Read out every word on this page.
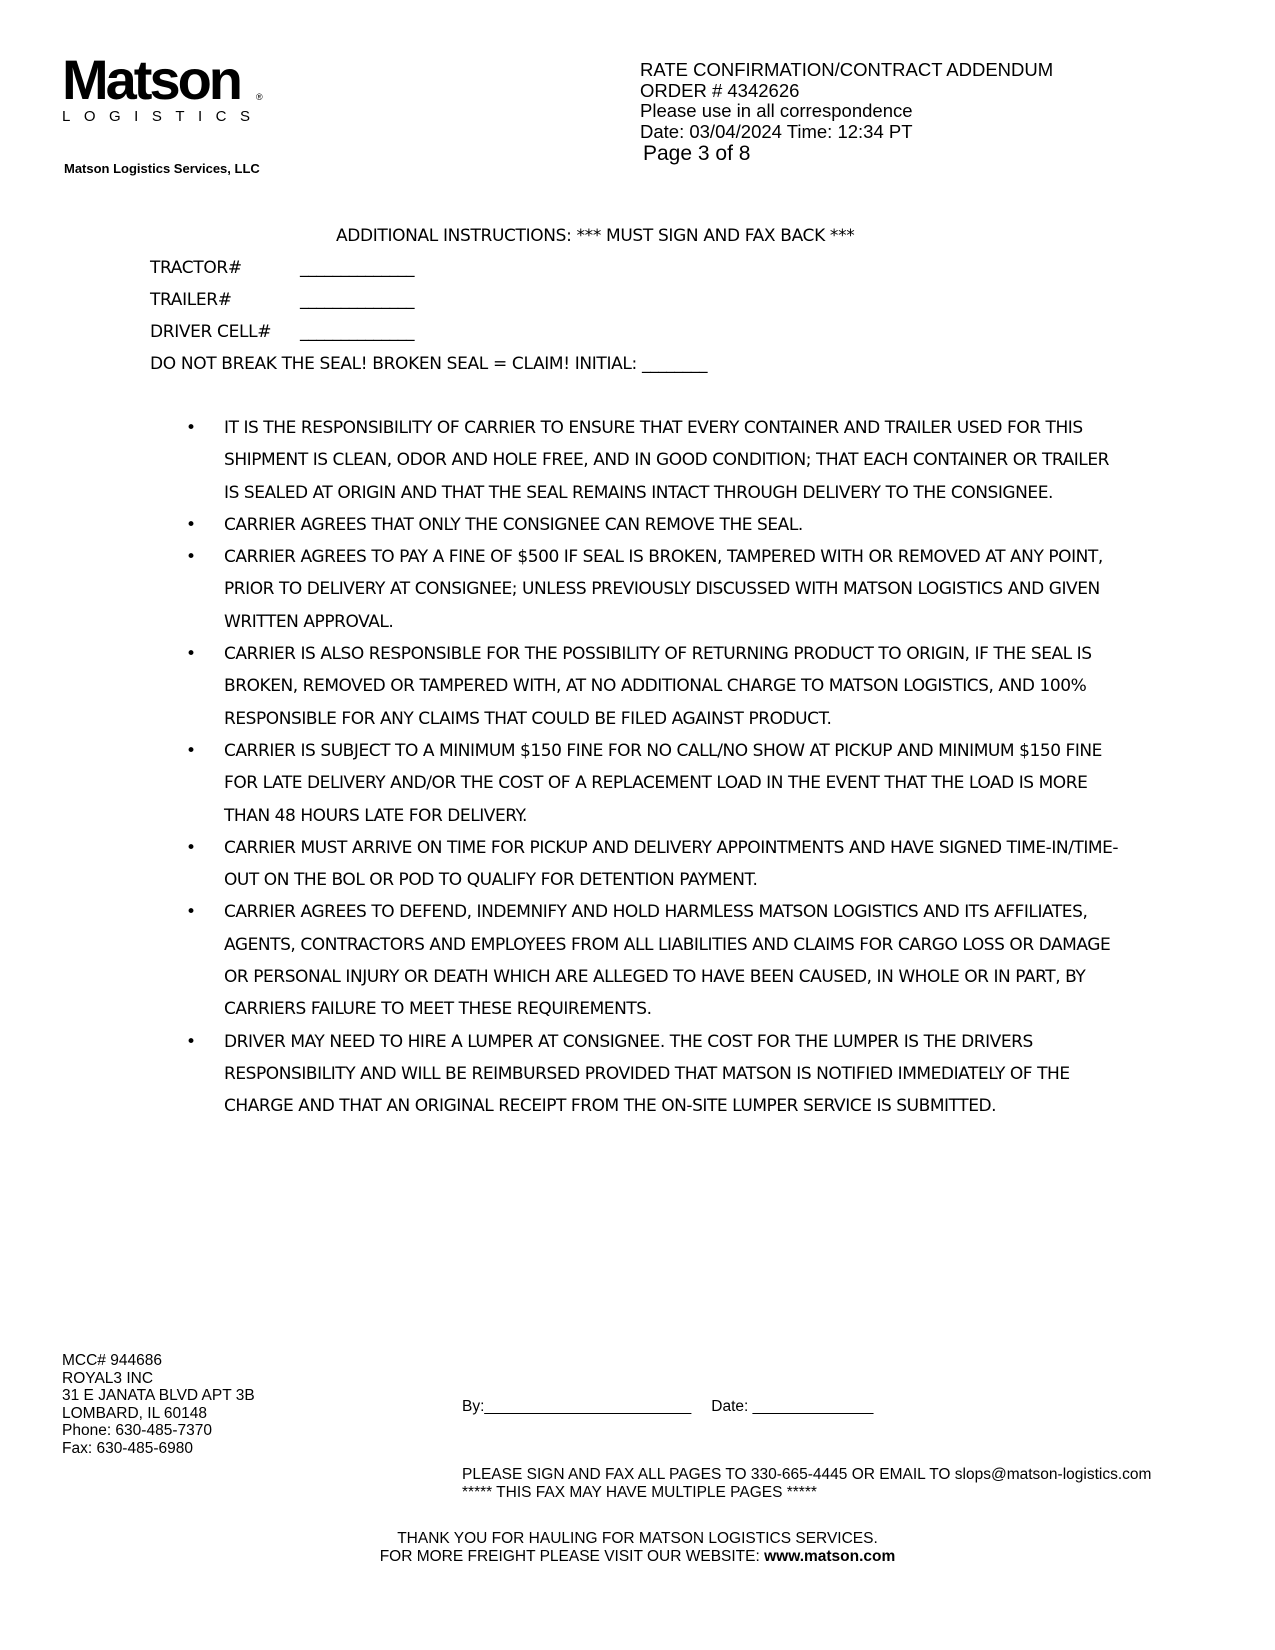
Matson	®
LOGISTICS
Matson Logistics Services, LLC
RATE CONFIRMATION/CONTRACT ADDENDUM
ORDER # 4342626
Please use in all correspondence
Date: 03/04/2024 Time: 12:34 PT
Page 3 of 8
ADDITIONAL INSTRUCTIONS: *** MUST SIGN AND FAX BACK ***
TRACTOR#	______________
TRAILER#	______________
DRIVER CELL# ______________
DO NOT BREAK THE SEAL! BROKEN SEAL = CLAIM! INITIAL: ________
• IT IS THE RESPONSIBILITY OF CARRIER TO ENSURE THAT EVERY CONTAINER AND TRAILER USED FOR THIS SHIPMENT IS CLEAN, ODOR AND HOLE FREE, AND IN GOOD CONDITION; THAT EACH CONTAINER OR TRAILER IS SEALED AT ORIGIN AND THAT THE SEAL REMAINS INTACT THROUGH DELIVERY TO THE CONSIGNEE.
• CARRIER AGREES THAT ONLY THE CONSIGNEE CAN REMOVE THE SEAL.
• CARRIER AGREES TO PAY A FINE OF $500 IF SEAL IS BROKEN, TAMPERED WITH OR REMOVED AT ANY POINT, PRIOR TO DELIVERY AT CONSIGNEE; UNLESS PREVIOUSLY DISCUSSED WITH MATSON LOGISTICS AND GIVEN WRITTEN APPROVAL.
• CARRIER IS ALSO RESPONSIBLE FOR THE POSSIBILITY OF RETURNING PRODUCT TO ORIGIN, IF THE SEAL IS BROKEN, REMOVED OR TAMPERED WITH, AT NO ADDITIONAL CHARGE TO MATSON LOGISTICS, AND 100% RESPONSIBLE FOR ANY CLAIMS THAT COULD BE FILED AGAINST PRODUCT.
• CARRIER IS SUBJECT TO A MINIMUM $150 FINE FOR NO CALL/NO SHOW AT PICKUP AND MINIMUM $150 FINE FOR LATE DELIVERY AND/OR THE COST OF A REPLACEMENT LOAD IN THE EVENT THAT THE LOAD IS MORE THAN 48 HOURS LATE FOR DELIVERY.
• CARRIER MUST ARRIVE ON TIME FOR PICKUP AND DELIVERY APPOINTMENTS AND HAVE SIGNED TIME-IN/TIME-OUT ON THE BOL OR POD TO QUALIFY FOR DETENTION PAYMENT.
• CARRIER AGREES TO DEFEND, INDEMNIFY AND HOLD HARMLESS MATSON LOGISTICS AND ITS AFFILIATES, AGENTS, CONTRACTORS AND EMPLOYEES FROM ALL LIABILITIES AND CLAIMS FOR CARGO LOSS OR DAMAGE OR PERSONAL INJURY OR DEATH WHICH ARE ALLEGED TO HAVE BEEN CAUSED, IN WHOLE OR IN PART, BY CARRIERS FAILURE TO MEET THESE REQUIREMENTS.
• DRIVER MAY NEED TO HIRE A LUMPER AT CONSIGNEE. THE COST FOR THE LUMPER IS THE DRIVERS RESPONSIBILITY AND WILL BE REIMBURSED PROVIDED THAT MATSON IS NOTIFIED IMMEDIATELY OF THE CHARGE AND THAT AN ORIGINAL RECEIPT FROM THE ON-SITE LUMPER SERVICE IS SUBMITTED.
MCC# 944686
ROYAL3 INC
31 E JANATA BLVD APT 3B
LOMBARD, IL 60148
Phone: 630-485-7370
Fax: 630-485-6980
By:________________________ Date: ______________
PLEASE SIGN AND FAX ALL PAGES TO 330-665-4445 OR EMAIL TO slops@matson-logistics.com
***** THIS FAX MAY HAVE MULTIPLE PAGES *****
THANK YOU FOR HAULING FOR MATSON LOGISTICS SERVICES.
FOR MORE FREIGHT PLEASE VISIT OUR WEBSITE: www.matson.com
